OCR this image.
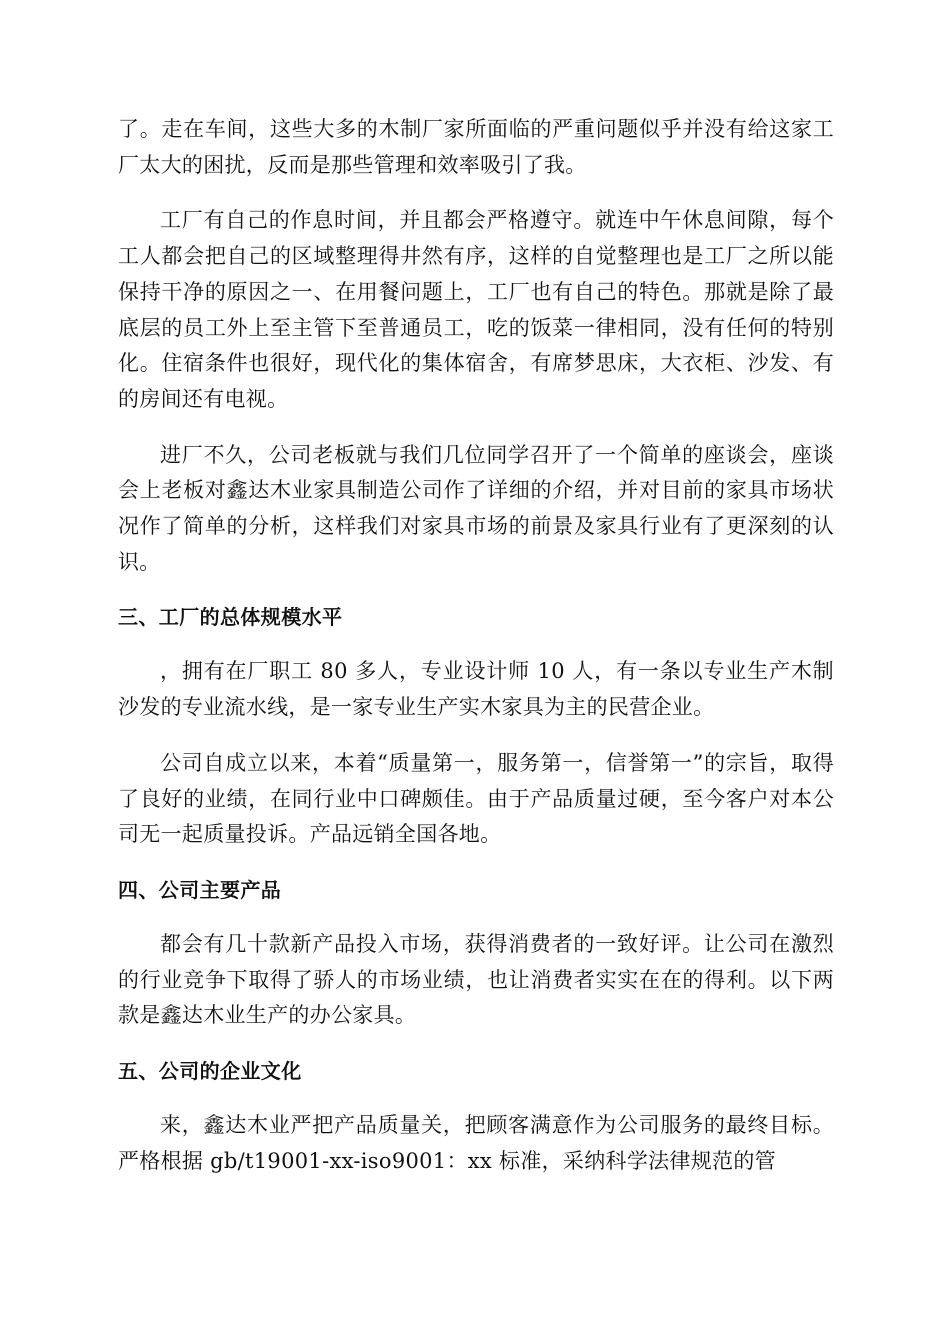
了。走在车间，这些大多的木制厂家所面临的严重问题似乎并没有给这家工厂太大的困扰，反而是那些管理和效率吸引了我。

工厂有自己的作息时间，并且都会严格遵守。就连中午休息间隙，每个工人都会把自己的区域整理得井然有序，这样的自觉整理也是工厂之所以能保持干净的原因之一、在用餐问题上，工厂也有自己的特色。那就是除了最底层的员工外上至主管下至普通员工，吃的饭菜一律相同，没有任何的特别化。住宿条件也很好，现代化的集体宿舍，有席梦思床，大衣柜、沙发、有的房间还有电视。

进厂不久，公司老板就与我们几位同学召开了一个简单的座谈会，座谈会上老板对鑫达木业家具制造公司作了详细的介绍，并对目前的家具市场状况作了简单的分析，这样我们对家具市场的前景及家具行业有了更深刻的认识。

三、工厂的总体规模水平

，拥有在厂职工 80 多人，专业设计师 10 人，有一条以专业生产木制沙发的专业流水线，是一家专业生产实木家具为主的民营企业。

公司自成立以来，本着“质量第一，服务第一，信誉第一”的宗旨，取得了良好的业绩，在同行业中口碑颇佳。由于产品质量过硬，至今客户对本公司无一起质量投诉。产品远销全国各地。

四、公司主要产品

都会有几十款新产品投入市场，获得消费者的一致好评。让公司在激烈的行业竞争下取得了骄人的市场业绩，也让消费者实实在在的得利。以下两款是鑫达木业生产的办公家具。

五、公司的企业文化

来，鑫达木业严把产品质量关，把顾客满意作为公司服务的最终目标。严格根据 gb/t19001-xx-iso9001：xx 标准，采纳科学法律规范的管
